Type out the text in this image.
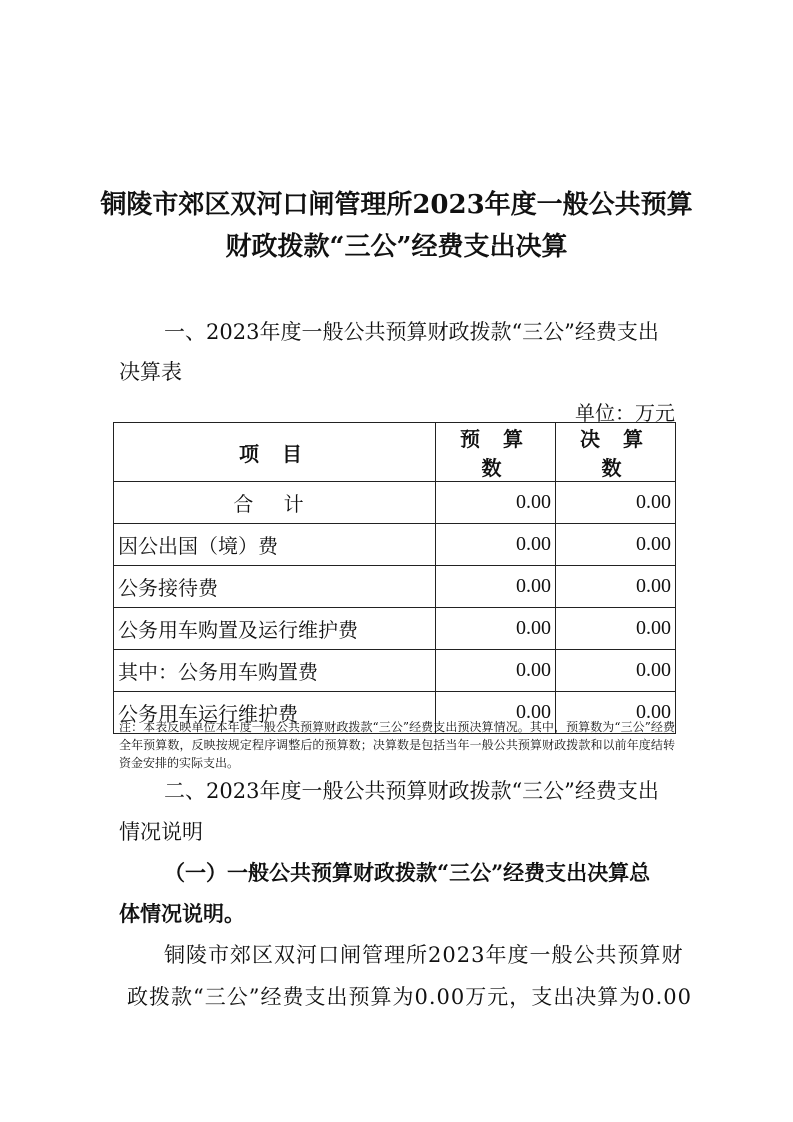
铜陵市郊区双河口闸管理所2023年度一般公共预算
财政拨款“三公”经费支出决算
一、2023年度一般公共预算财政拨款“三公”经费支出
决算表
单位：万元
项 目	预 算 数	决 算 数
合 计	0.00	0.00
因公出国（境）费	0.00	0.00
公务接待费	0.00	0.00
公务用车购置及运行维护费	0.00	0.00
其中：公务用车购置费	0.00	0.00
公务用车运行维护费	0.00	0.00
注：本表反映单位本年度一般公共预算财政拨款“三公”经费支出预决算情况。其中，预算数为“三公”经费全年预算数，反映按规定程序调整后的预算数；决算数是包括当年一般公共预算财政拨款和以前年度结转资金安排的实际支出。
二、2023年度一般公共预算财政拨款“三公”经费支出
情况说明
（一）一般公共预算财政拨款“三公”经费支出决算总
体情况说明。
铜陵市郊区双河口闸管理所2023年度一般公共预算财
政拨款“三公”经费支出预算为0.00万元，支出决算为0.00
